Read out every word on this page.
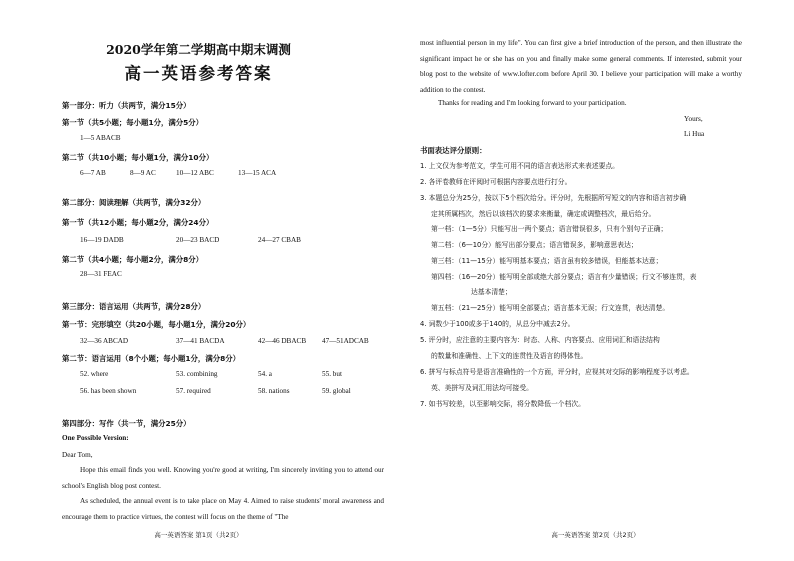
2020学年第二学期高中期末调测
高一英语参考答案
第一部分：听力（共两节，满分15分）
第一节（共5小题；每小题1分，满分5分）
1—5 ABACB
第二节（共10小题；每小题1分，满分10分）
6—7 AB	8—9 AC	10—12 ABC	13—15 ACA
第二部分：阅读理解（共两节，满分32分）
第一节（共12小题；每小题2分，满分24分）
16—19 DADB	20—23 BACD	24—27 CBAB
第二节（共4小题；每小题2分，满分8分）
28—31 FEAC
第三部分：语言运用（共两节，满分28分）
第一节：完形填空（共20小题，每小题1分，满分20分）
32—36 ABCAD	37—41 BACDA	42—46 DBACB 47—51ADCAB
第二节：语言运用（8个小题；每小题1分，满分8分）
52. where	53. combining	54. a	55. but
56. has been shown	57. required	58. nations	59. global
第四部分：写作（共一节，满分25分）
One Possible Version:
Dear Tom,
Hope this email finds you well. Knowing you're good at writing, I'm sincerely inviting you to attend our school's English blog post contest.
As scheduled, the annual event is to take place on May 4. Aimed to raise students' moral awareness and encourage them to practice virtues, the contest will focus on the theme of "The
高一英语答案 第1页（共2页）
most influential person in my life". You can first give a brief introduction of the person, and then illustrate the significant impact he or she has on you and finally make some general comments. If interested, submit your blog post to the website of www.lofter.com before April 30. I believe your participation will make a worthy addition to the contest.
Thanks for reading and I'm looking forward to your participation.
Yours,
Li Hua
书面表达评分原则：
1. 上文仅为参考范文，学生可用不同的语言表达形式来表述要点。
2. 各评卷教师在评阅时可根据内容要点进行打分。
3. 本题总分为25分，按以下5个档次给分。评分时，先根据所写短文的内容和语言初步确
定其所属档次，然后以该档次的要求来衡量，确定或调整档次，最后给分。
第一档：（1—5分）只能写出一两个要点；语言错误很多，只有个别句子正确；
第二档：（6—10分）能写出部分要点；语言错误多，影响意思表达；
第三档：（11—15分）能写明基本要点；语言虽有较多错误，但能基本达意；
第四档：（16—20分）能写明全部或绝大部分要点；语言有少量错误；行文不够连贯，表
达基本清楚；
第五档：（21—25分）能写明全部要点；语言基本无误；行文连贯，表达清楚。
4. 词数少于100或多于140的，从总分中减去2分。
5. 评分时，应注意的主要内容为：时态、人称、内容要点、应用词汇和语法结构
的数量和准确性、上下文的连贯性及语言的得体性。
6. 拼写与标点符号是语言准确性的一个方面，评分时，应视其对交际的影响程度予以考虑。
英、美拼写及词汇用法均可接受。
7. 如书写较差，以至影响交际，将分数降低一个档次。
高一英语答案 第2页（共2页）
